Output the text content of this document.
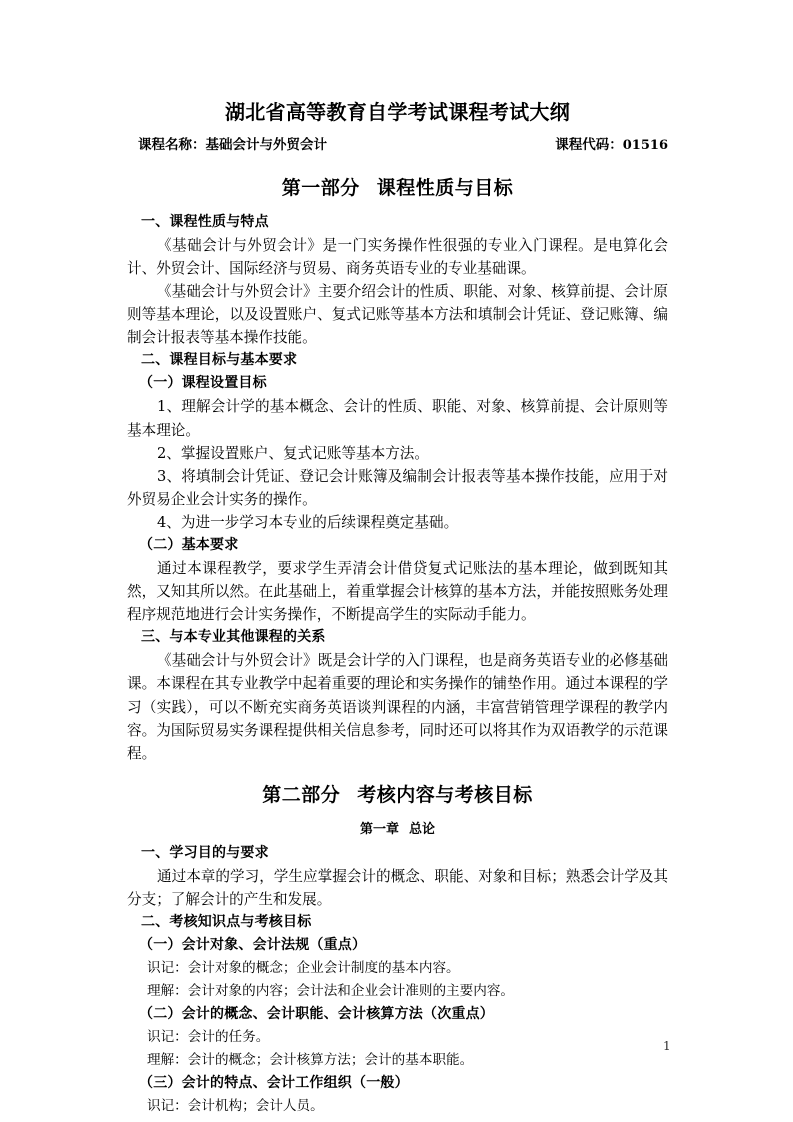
湖北省高等教育自学考试课程考试大纲
课程名称：基础会计与外贸会计	课程代码：01516
第一部分 课程性质与目标
一、课程性质与特点

《基础会计与外贸会计》是一门实务操作性很强的专业入门课程。是电算化会计、外贸会计、国际经济与贸易、商务英语专业的专业基础课。

《基础会计与外贸会计》主要介绍会计的性质、职能、对象、核算前提、会计原则等基本理论，以及设置账户、复式记账等基本方法和填制会计凭证、登记账簿、编制会计报表等基本操作技能。

二、课程目标与基本要求
（一）课程设置目标

1、理解会计学的基本概念、会计的性质、职能、对象、核算前提、会计原则等基本理论。

2、掌握设置账户、复式记账等基本方法。

3、将填制会计凭证、登记会计账簿及编制会计报表等基本操作技能，应用于对外贸易企业会计实务的操作。

4、为进一步学习本专业的后续课程奠定基础。

（二）基本要求

通过本课程教学，要求学生弄清会计借贷复式记账法的基本理论，做到既知其然，又知其所以然。在此基础上，着重掌握会计核算的基本方法，并能按照账务处理程序规范地进行会计实务操作，不断提高学生的实际动手能力。

三、与本专业其他课程的关系

《基础会计与外贸会计》既是会计学的入门课程，也是商务英语专业的必修基础课。本课程在其专业教学中起着重要的理论和实务操作的铺垫作用。通过本课程的学习（实践），可以不断充实商务英语谈判课程的内涵，丰富营销管理学课程的教学内容。为国际贸易实务课程提供相关信息参考，同时还可以将其作为双语教学的示范课程。

第二部分 考核内容与考核目标
第一章 总论
一、学习目的与要求

通过本章的学习，学生应掌握会计的概念、职能、对象和目标；熟悉会计学及其分支；了解会计的产生和发展。

二、考核知识点与考核目标
（一）会计对象、会计法规（重点）

识记：会计对象的概念；企业会计制度的基本内容。

理解：会计对象的内容；会计法和企业会计准则的主要内容。

（二）会计的概念、会计职能、会计核算方法（次重点）

识记：会计的任务。

理解：会计的概念；会计核算方法；会计的基本职能。

（三）会计的特点、会计工作组织（一般）

识记：会计机构；会计人员。

1
